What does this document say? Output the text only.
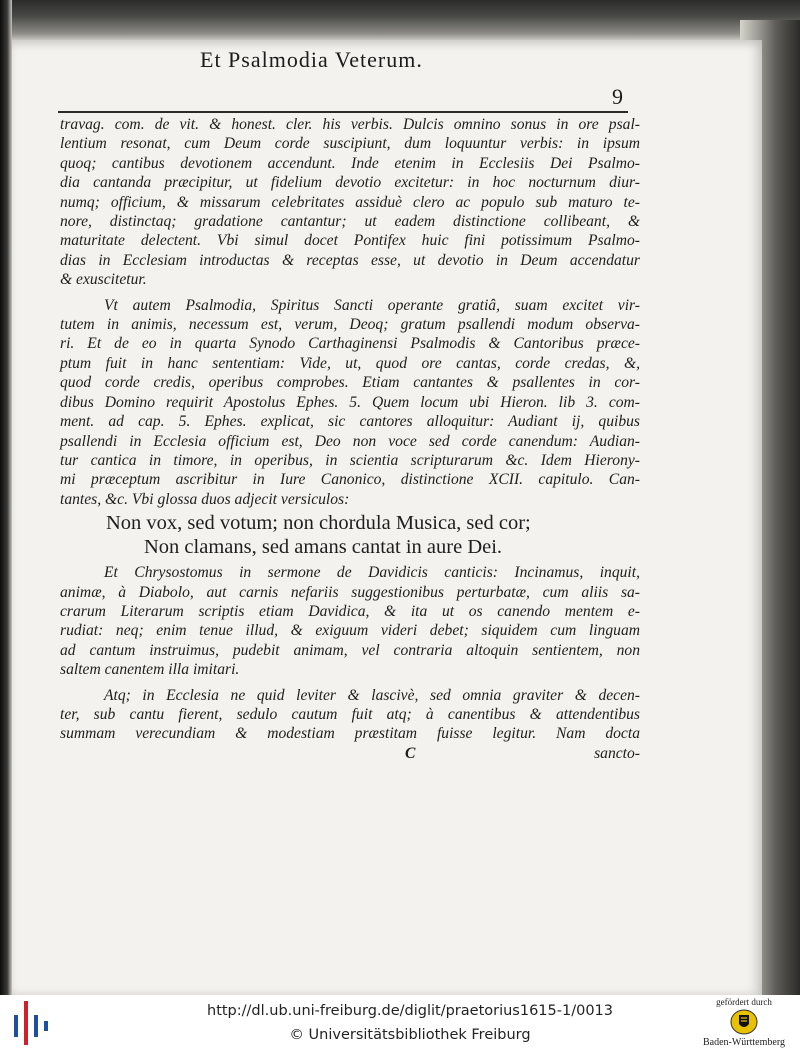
Et Psalmodia Veterum.
9

travag. com. de vit. & honest. cler. his verbis. Dulcis omnino sonus in ore psal-
lentium resonat, cum Deum corde suscipiunt, dum loquuntur verbis: in ipsum
quoq; cantibus devotionem accendunt. Inde etenim in Ecclesiis Dei Psalmo-
dia cantanda præcipitur, ut fidelium devotio excitetur: in hoc nocturnum diur-
numq; officium, & missarum celebritates assiduè clero ac populo sub maturo te-
nore, distinctaq; gradatione cantantur; ut eadem distinctione collibeant, &
maturitate delectent. Vbi simul docet Pontifex huic fini potissimum Psalmo-
dias in Ecclesiam introductas & receptas esse, ut devotio in Deum accendatur
& exuscitetur.

Vt autem Psalmodia, Spiritus Sancti operante gratiâ, suam excitet vir-
tutem in animis, necessum est, verum, Deoq; gratum psallendi modum observa-
ri. Et de eo in quarta Synodo Carthaginensi Psalmodis & Cantoribus præce-
ptum fuit in hanc sententiam: Vide, ut, quod ore cantas, corde credas, &,
quod corde credis, operibus comprobes. Etiam cantantes & psallentes in cor-
dibus Domino requirit Apostolus Ephes. 5. Quem locum ubi Hieron. lib 3. com-
ment. ad cap. 5. Ephes. explicat, sic cantores alloquitur: Audiant ij, quibus
psallendi in Ecclesia officium est, Deo non voce sed corde canendum: Audian-
tur cantica in timore, in operibus, in scientia scripturarum &c. Idem Hierony-
mi præceptum ascribitur in Iure Canonico, distinctione XCII. capitulo. Can-
tantes, &c. Vbi glossa duos adjecit versiculos:

Non vox, sed votum; non chordula Musica, sed cor;
Non clamans, sed amans cantat in aure Dei.

Et Chrysostomus in sermone de Davidicis canticis: Incinamus, inquit,
animæ, à Diabolo, aut carnis nefariis suggestionibus perturbatæ, cum aliis sa-
crarum Literarum scriptis etiam Davidica, & ita ut os canendo mentem e-
rudiat: neq; enim tenue illud, & exiguum videri debet; siquidem cum linguam
ad cantum instruimus, pudebit animam, vel contraria altoquin sentientem, non
saltem canentem illa imitari.

Atq; in Ecclesia ne quid leviter & lascivè, sed omnia graviter & decen-
ter, sub cantu fierent, sedulo cautum fuit atq; à canentibus & attendentibus
summam verecundiam & modestiam præstitam fuisse legitur. Nam docta

C	sancto-
http://dl.ub.uni-freiburg.de/diglit/praetorius1615-1/0013
© Universitätsbibliothek Freiburg
gefördert durch
Baden-Württemberg
